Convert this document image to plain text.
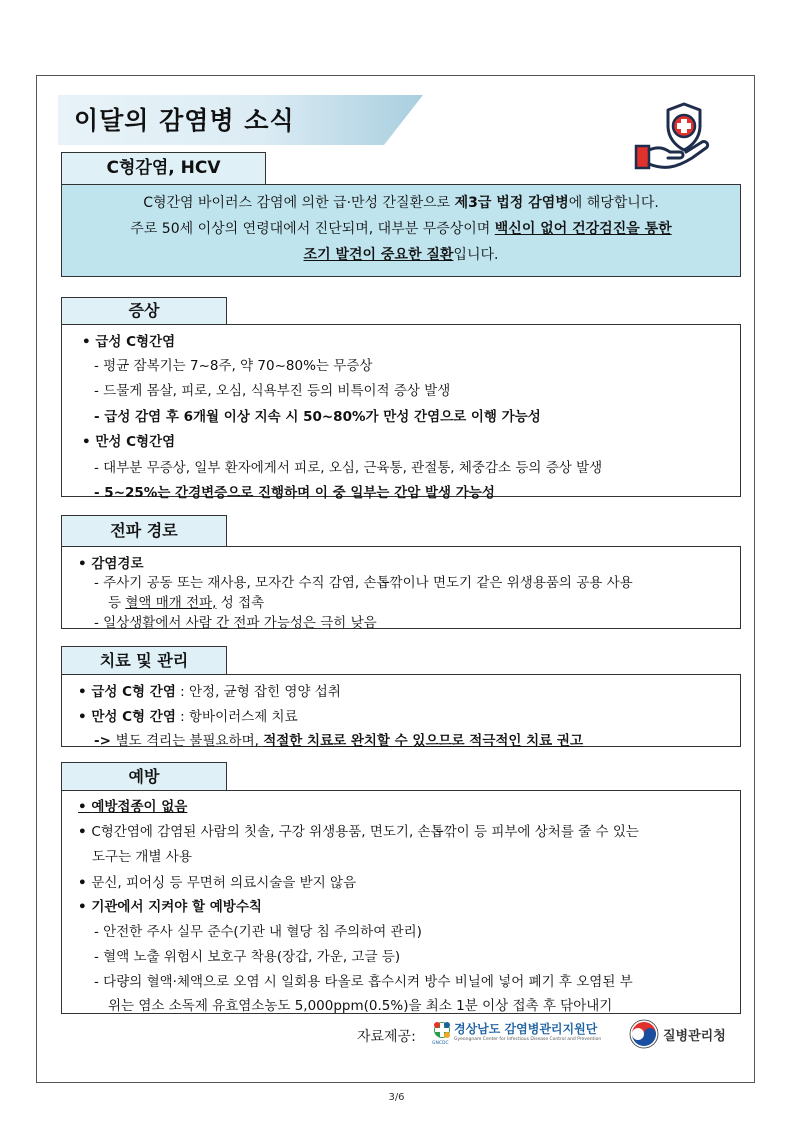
이달의 감염병 소식
C형감염, HCV
C형간염 바이러스 감염에 의한 급·만성 간질환으로 제3급 법정 감염병에 해당합니다.
주로 50세 이상의 연령대에서 진단되며, 대부분 무증상이며 백신이 없어 건강검진을 통한
조기 발견이 중요한 질환입니다.
증상
• 급성 C형간염
- 평균 잠복기는 7~8주, 약 70~80%는 무증상
- 드물게 몸살, 피로, 오심, 식욕부진 등의 비특이적 증상 발생
- 급성 감염 후 6개월 이상 지속 시 50~80%가 만성 간염으로 이행 가능성
• 만성 C형간염
- 대부분 무증상, 일부 환자에게서 피로, 오심, 근육통, 관절통, 체중감소 등의 증상 발생
- 5~25%는 간경변증으로 진행하며 이 중 일부는 간암 발생 가능성
전파 경로
• 감염경로
- 주사기 공동 또는 재사용, 모자간 수직 감염, 손톱깎이나 면도기 같은 위생용품의 공용 사용
등 혈액 매개 전파, 성 접촉
- 일상생활에서 사람 간 전파 가능성은 극히 낮음
치료 및 관리
• 급성 C형 간염 : 안정, 균형 잡힌 영양 섭취
• 만성 C형 간염 : 항바이러스제 치료
-> 별도 격리는 불필요하며, 적절한 치료로 완치할 수 있으므로 적극적인 치료 권고
예방
• 예방접종이 없음
• C형간염에 감염된 사람의 칫솔, 구강 위생용품, 면도기, 손톱깎이 등 피부에 상처를 줄 수 있는
도구는 개별 사용
• 문신, 피어싱 등 무면허 의료시술을 받지 않음
• 기관에서 지켜야 할 예방수칙
- 안전한 주사 실무 준수(기관 내 혈당 침 주의하여 관리)
- 혈액 노출 위험시 보호구 착용(장갑, 가운, 고글 등)
- 다량의 혈액·체액으로 오염 시 일회용 타올로 흡수시켜 방수 비닐에 넣어 폐기 후 오염된 부
위는 염소 소독제 유효염소농도 5,000ppm(0.5%)을 최소 1분 이상 접촉 후 닦아내기
자료제공:	GNCDC
경상남도 감염병관리지원단
Gyeongnam Center for Infectious Disease Control and Prevention	질병관리청
3/6
